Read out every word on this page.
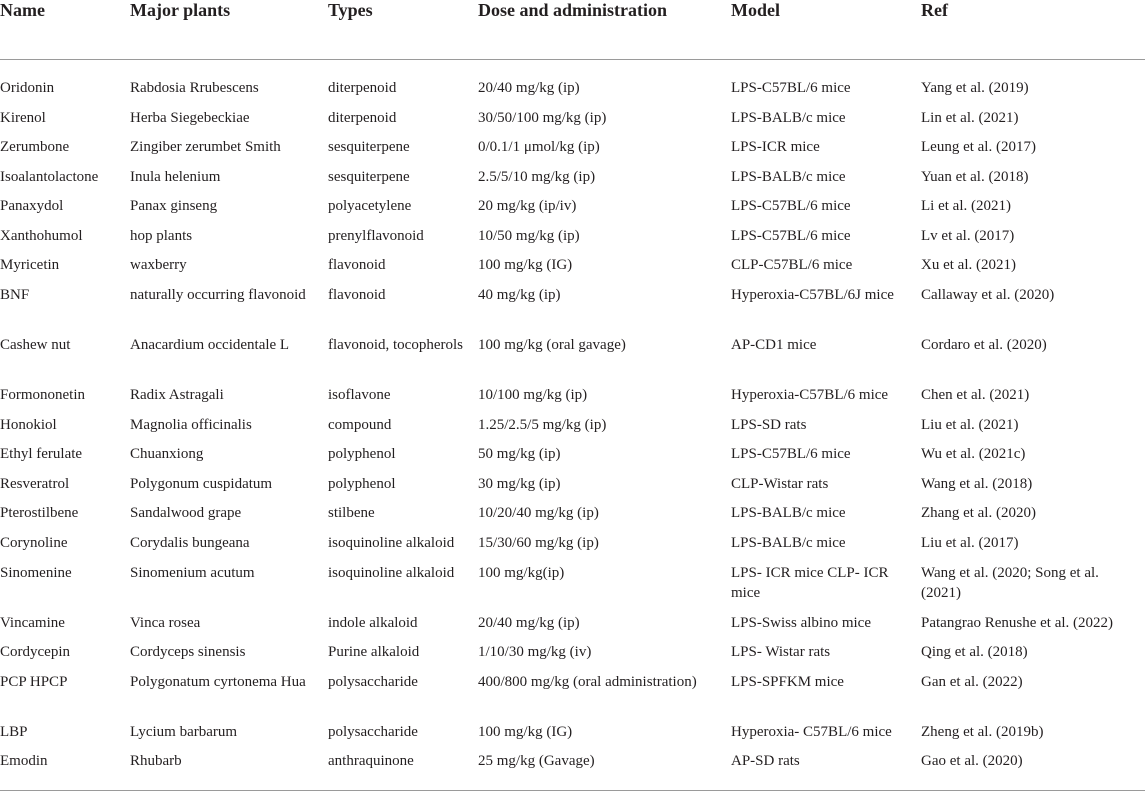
Name	Major plants	Types	Dose and administration	Model	Ref
Oridonin	Rabdosia Rrubescens	diterpenoid	20/40 mg/kg (ip)	LPS-C57BL/6 mice	Yang et al. (2019)
Kirenol	Herba Siegebeckiae	diterpenoid	30/50/100 mg/kg (ip)	LPS-BALB/c mice	Lin et al. (2021)
Zerumbone	Zingiber zerumbet Smith	sesquiterpene	0/0.1/1 μmol/kg (ip)	LPS-ICR mice	Leung et al. (2017)
Isoalantolactone	Inula helenium	sesquiterpene	2.5/5/10 mg/kg (ip)	LPS-BALB/c mice	Yuan et al. (2018)
Panaxydol	Panax ginseng	polyacetylene	20 mg/kg (ip/iv)	LPS-C57BL/6 mice	Li et al. (2021)
Xanthohumol	hop plants	prenylflavonoid	10/50 mg/kg (ip)	LPS-C57BL/6 mice	Lv et al. (2017)
Myricetin	waxberry	flavonoid	100 mg/kg (IG)	CLP-C57BL/6 mice	Xu et al. (2021)
BNF	naturally occurring flavonoid	flavonoid	40 mg/kg (ip)	Hyperoxia-C57BL/6J mice	Callaway et al. (2020)
Cashew nut	Anacardium occidentale L	flavonoid, tocopherols	100 mg/kg (oral gavage)	AP-CD1 mice	Cordaro et al. (2020)
Formononetin	Radix Astragali	isoflavone	10/100 mg/kg (ip)	Hyperoxia-C57BL/6 mice	Chen et al. (2021)
Honokiol	Magnolia officinalis	compound	1.25/2.5/5 mg/kg (ip)	LPS-SD rats	Liu et al. (2021)
Ethyl ferulate	Chuanxiong	polyphenol	50 mg/kg (ip)	LPS-C57BL/6 mice	Wu et al. (2021c)
Resveratrol	Polygonum cuspidatum	polyphenol	30 mg/kg (ip)	CLP-Wistar rats	Wang et al. (2018)
Pterostilbene	Sandalwood grape	stilbene	10/20/40 mg/kg (ip)	LPS-BALB/c mice	Zhang et al. (2020)
Corynoline	Corydalis bungeana	isoquinoline alkaloid	15/30/60 mg/kg (ip)	LPS-BALB/c mice	Liu et al. (2017)
Sinomenine	Sinomenium acutum	isoquinoline alkaloid	100 mg/kg(ip)	LPS- ICR mice CLP- ICR mice	Wang et al. (2020; Song et al. (2021)
Vincamine	Vinca rosea	indole alkaloid	20/40 mg/kg (ip)	LPS-Swiss albino mice	Patangrao Renushe et al. (2022)
Cordycepin	Cordyceps sinensis	Purine alkaloid	1/10/30 mg/kg (iv)	LPS- Wistar rats	Qing et al. (2018)
PCP HPCP	Polygonatum cyrtonema Hua	polysaccharide	400/800 mg/kg (oral administration)	LPS-SPFKM mice	Gan et al. (2022)
LBP	Lycium barbarum	polysaccharide	100 mg/kg (IG)	Hyperoxia- C57BL/6 mice	Zheng et al. (2019b)
Emodin	Rhubarb	anthraquinone	25 mg/kg (Gavage)	AP-SD rats	Gao et al. (2020)
